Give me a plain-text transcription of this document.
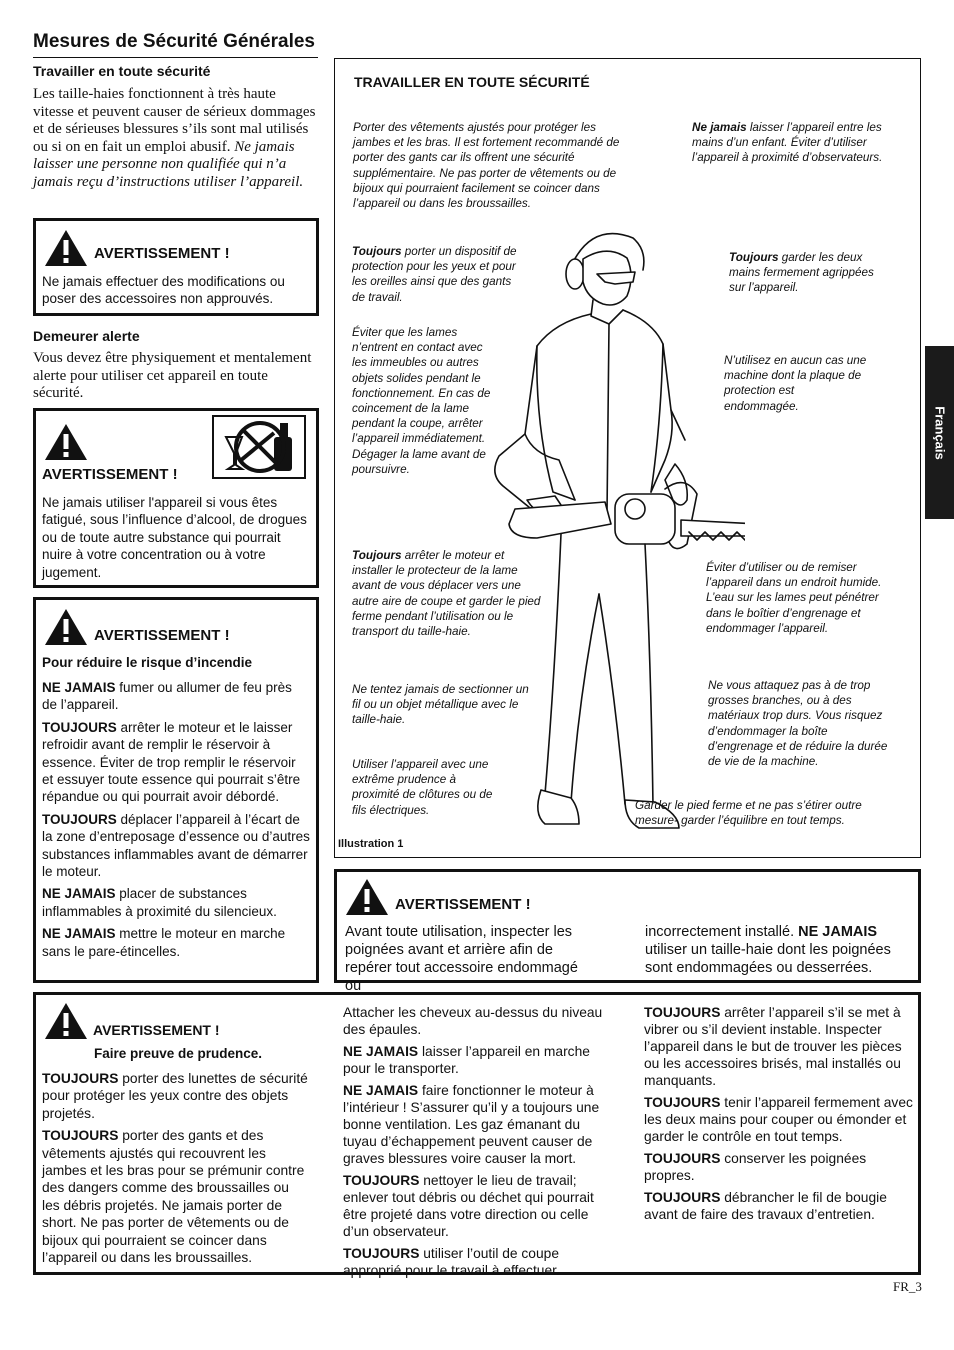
Mesures de Sécurité Générales
Français
Travailler en toute sécurité
Les taille-haies fonctionnent à très haute vitesse et peuvent causer de sérieux dommages et de sérieuses blessures s’ils sont mal utilisés ou si on en fait un emploi abusif. Ne jamais laisser une personne non qualifiée qui n’a jamais reçu d’instructions utiliser l’appareil.
AVERTISSEMENT !
Ne jamais effectuer des modifications ou poser des accessoires non approuvés.
Demeurer alerte
Vous devez être physiquement et mentalement alerte pour utiliser cet appareil en toute sécurité.
AVERTISSEMENT !
Ne jamais utiliser l'appareil si vous êtes fatigué, sous l’influence d’alcool, de drogues ou de toute autre substance qui pourrait nuire à votre concentration ou à votre jugement.
AVERTISSEMENT !
Pour réduire le risque d’incendie

NE JAMAIS fumer ou allumer de feu près de l’appareil.

TOUJOURS arrêter le moteur et le laisser refroidir avant de remplir le réservoir à essence. Éviter de trop remplir le réservoir et essuyer toute essence qui pourrait s’être répandue ou qui pourrait avoir débordé.

TOUJOURS déplacer l’appareil à l’écart de la zone d’entreposage d’essence ou d’autres substances inflammables avant de démarrer le moteur.

NE JAMAIS placer de substances inflammables à proximité du silencieux.

NE JAMAIS mettre le moteur en marche sans le pare-étincelles.

TRAVAILLER EN TOUTE SÉCURITÉ
Porter des vêtements ajustés pour protéger les jambes et les bras. Il est fortement recommandé de porter des gants car ils offrent une sécurité supplémentaire. Ne pas porter de vêtements ou de bijoux qui pourraient facilement se coincer dans l’appareil ou dans les broussailles.
Ne jamais laisser l’appareil entre les mains d’un enfant. Éviter d’utiliser l’appareil à proximité d’observateurs.
Toujours porter un dispositif de protection pour les yeux et pour les oreilles ainsi que des gants de travail.
Toujours garder les deux mains fermement agrippées sur l’appareil.
Éviter que les lames n’entrent en contact avec les immeubles ou autres objets solides pendant le fonctionnement. En cas de coincement de la lame pendant la coupe, arrêter l’appareil immédiatement. Dégager la lame avant de poursuivre.
N’utilisez en aucun cas une machine dont la plaque de protection est endommagée.
Toujours arrêter le moteur et installer le protecteur de la lame avant de vous déplacer vers une autre aire de coupe et garder le pied ferme pendant l’utilisation ou le transport du taille-haie.
Éviter d’utiliser ou de remiser l’appareil dans un endroit humide. L’eau sur les lames peut pénétrer dans le boîtier d’engrenage et endommager l’appareil.
Ne tentez jamais de sectionner un fil ou un objet métallique avec le taille-haie.
Ne vous attaquez pas à de trop grosses branches, ou à des matériaux trop durs. Vous risquez d’endommager la boîte d’engrenage et de réduire la durée de vie de la machine.
Utiliser l’appareil avec une extrême prudence à proximité de clôtures ou de fils électriques.	Garder le pied ferme et ne pas s’étirer outre mesure- garder l’équilibre en tout temps.
Illustration 1
AVERTISSEMENT !
Avant toute utilisation, inspecter les poignées avant et arrière afin de repérer tout accessoire endommagé ou
incorrectement installé. NE JAMAIS utiliser un taille-haie dont les poignées sont endommagées ou desserrées.
AVERTISSEMENT !
Faire preuve de prudence.

TOUJOURS porter des lunettes de sécurité pour protéger les yeux contre des objets projetés.

TOUJOURS porter des gants et des vêtements ajustés qui recouvrent les jambes et les bras pour se prémunir contre des dangers comme des broussailles ou les débris projetés. Ne jamais porter de short. Ne pas porter de vêtements ou de bijoux qui pourraient se coincer dans l’appareil ou dans les broussailles.

Attacher les cheveux au-dessus du niveau des épaules.

NE JAMAIS laisser l’appareil en marche pour le transporter.

NE JAMAIS faire fonctionner le moteur à l’intérieur ! S’assurer qu’il y a toujours une bonne ventilation. Les gaz émanant du tuyau d’échappement peuvent causer de graves blessures voire causer la mort.

TOUJOURS nettoyer le lieu de travail; enlever tout débris ou déchet qui pourrait être projeté dans votre direction ou celle d’un observateur.

TOUJOURS utiliser l’outil de coupe approprié pour le travail à effectuer.

TOUJOURS arrêter l’appareil s’il se met à vibrer ou s’il devient instable. Inspecter l’appareil dans le but de trouver les pièces ou les accessoires brisés, mal installés ou manquants.

TOUJOURS tenir l’appareil fermement avec les deux mains pour couper ou émonder et garder le contrôle en tout temps.

TOUJOURS conserver les poignées propres.

TOUJOURS débrancher le fil de bougie avant de faire des travaux d’entretien.

FR_3
